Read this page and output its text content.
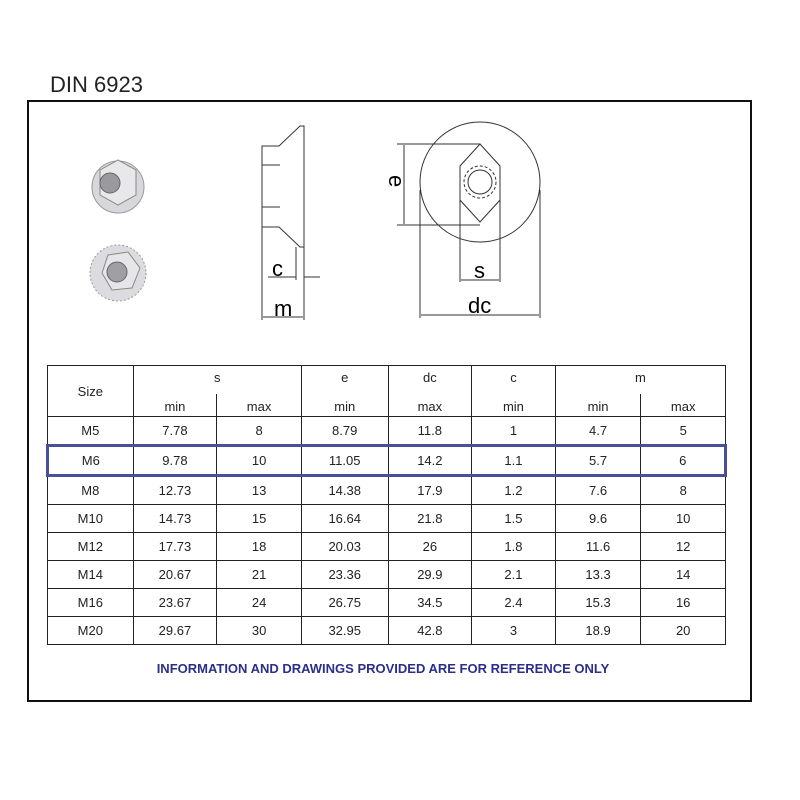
DIN 6923
c
m
e
s
dc
Size	s		e	dc	c	m	
	min	max	min	max	min	min	max
M5	7.78	8	8.79	11.8	1	4.7	5
M6	9.78	10	11.05	14.2	1.1	5.7	6
M8	12.73	13	14.38	17.9	1.2	7.6	8
M10	14.73	15	16.64	21.8	1.5	9.6	10
M12	17.73	18	20.03	26	1.8	11.6	12
M14	20.67	21	23.36	29.9	2.1	13.3	14
M16	23.67	24	26.75	34.5	2.4	15.3	16
M20	29.67	30	32.95	42.8	3	18.9	20
INFORMATION AND DRAWINGS PROVIDED ARE FOR REFERENCE ONLY
